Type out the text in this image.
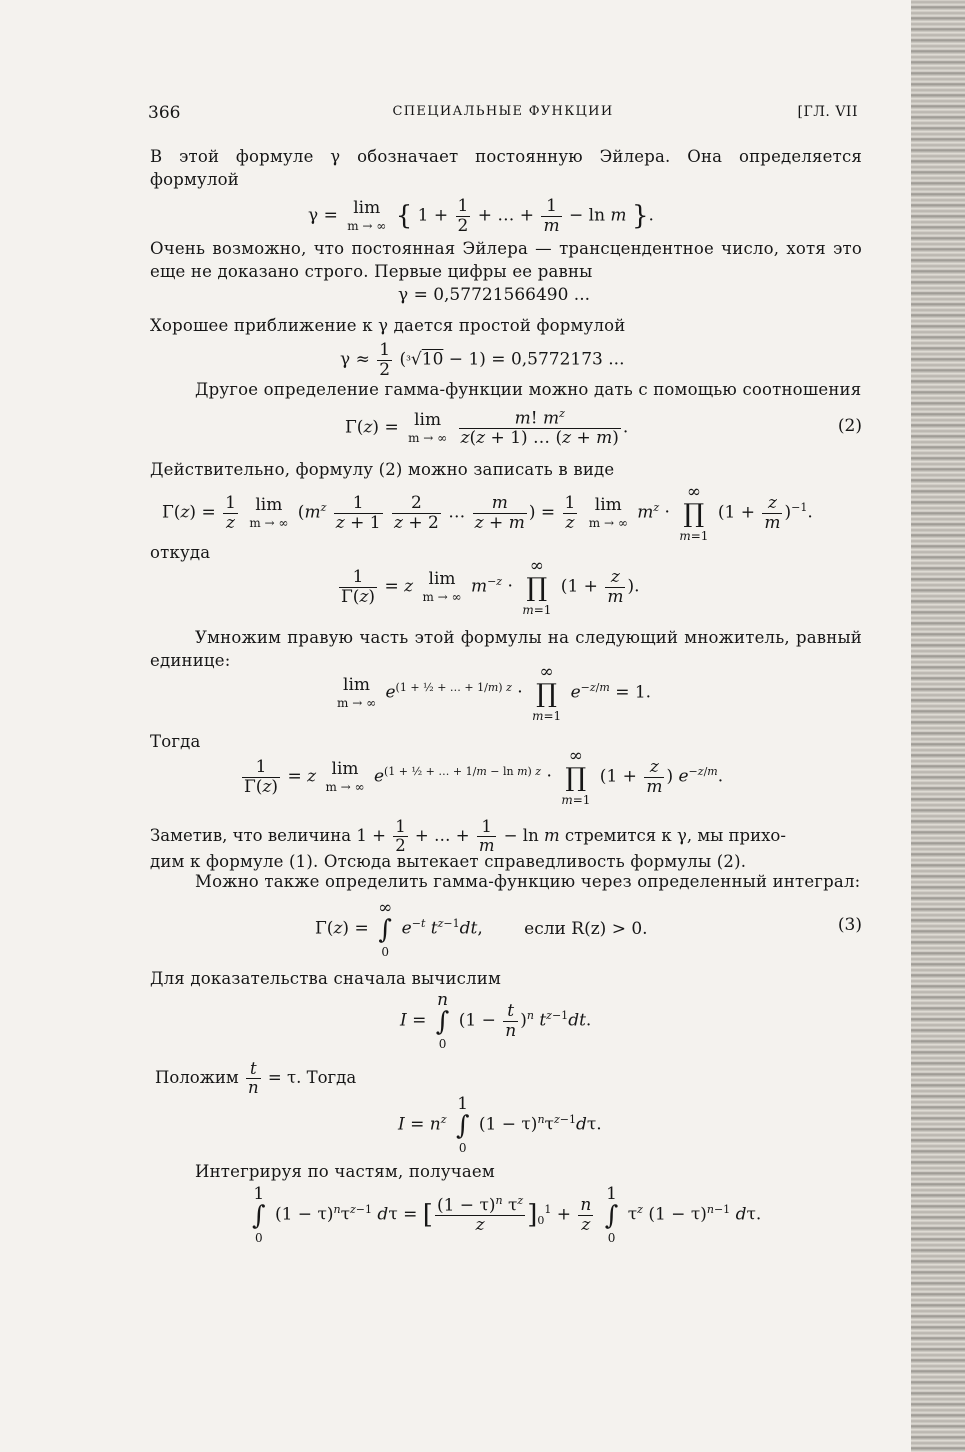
366	СПЕЦИАЛЬНЫЕ ФУНКЦИИ	[ГЛ. VII
В этой формуле γ обозначает постоянную Эйлера. Она определяется формулой
γ = lim
m → ∞ { $1 + \frac{1}{2}$ + … + $\frac{1}{m} - \ln m$ }.
Очень возможно, что постоянная Эйлера — трансцендентное число, хотя это еще не доказано строго. Первые цифры ее равны
γ = 0,57721566490 ...
Хорошее приближение к γ дается простой формулой
$\gamma \approx \frac{1}{2} (^3√10 - 1) = 0,5772173$ ...
Другое определение гамма-функции можно дать с помощью соотношения
Γ(z) = lim
m → ∞
$\frac{m! m^z}{z(z + 1) \dots (z + m)}$ .	(2)
Действительно, формулу (2) можно записать в виде
$\Gamma(z) = \frac{1}{z}$ lim
m → ∞
($m^z \frac{1}{z + 1}$
$\frac{2}{z + 2}$ … $\frac{m}{z + m}$ ) = $\frac{1}{z}$ lim
m → ∞
$m^z$ · ∞
∏
m=1
$(1 + \frac{z}{m} )^{-1}$.
откуда
$\frac{1}{\Gamma(z)} = z$ lim
m → ∞
$m^{-z}$ · ∞
∏
m=1
($1 + \frac{z}{m}$ ).
Умножим правую часть этой формулы на следующий множитель, равный единице:
lim
m → ∞
$e^{(1 + \frac{1}{2} + \dots + 1/m) z}$ · ∞
∏
m=1
$e^{-z/m} = 1$.
Тогда
$\frac{1}{\Gamma(z)} = z$ lim
m → ∞
$e^{(1 + \frac{1}{2} + \dots + 1/m - ln m) z}$ · ∞
∏
m=1
($1 + \frac{z}{m}$ ) $e^{-z/m}$.
Заметив, что величина $1 + \frac{1}{2}$ + … + $\frac{1}{m} - \ln m$ стремится к γ, мы прихо-
дим к формуле (1). Отсюда вытекает справедливость формулы (2).
Можно также определить гамма-функцию через определенный интеграл:
Γ(z) = ∞
∫
0
$e^{-t}$ $t^{z-1}dt$, если R(z) > 0.	(3)
Для доказательства сначала вычислим
I = n
∫
0
$(1 - \frac{t}{n} )^n$ $t^{z-1}dt$.
Положим $\frac{t}{n} = \tau$. Тогда
$I = n^z$ 1
∫
0
$(1 - \tau)^n\tau^{z-1}d\tau$.
Интегрируя по частям, получаем
1
∫
0
$(1 - \tau)^n\tau^{z-1}$ dτ = [ $\frac{(1 - \tau)^n \tau^z}{z} ]_0^1 + \frac{n}{z}$
1
∫
0
$\tau^z$ $(1 - \tau)^{n-1}$ dτ.
